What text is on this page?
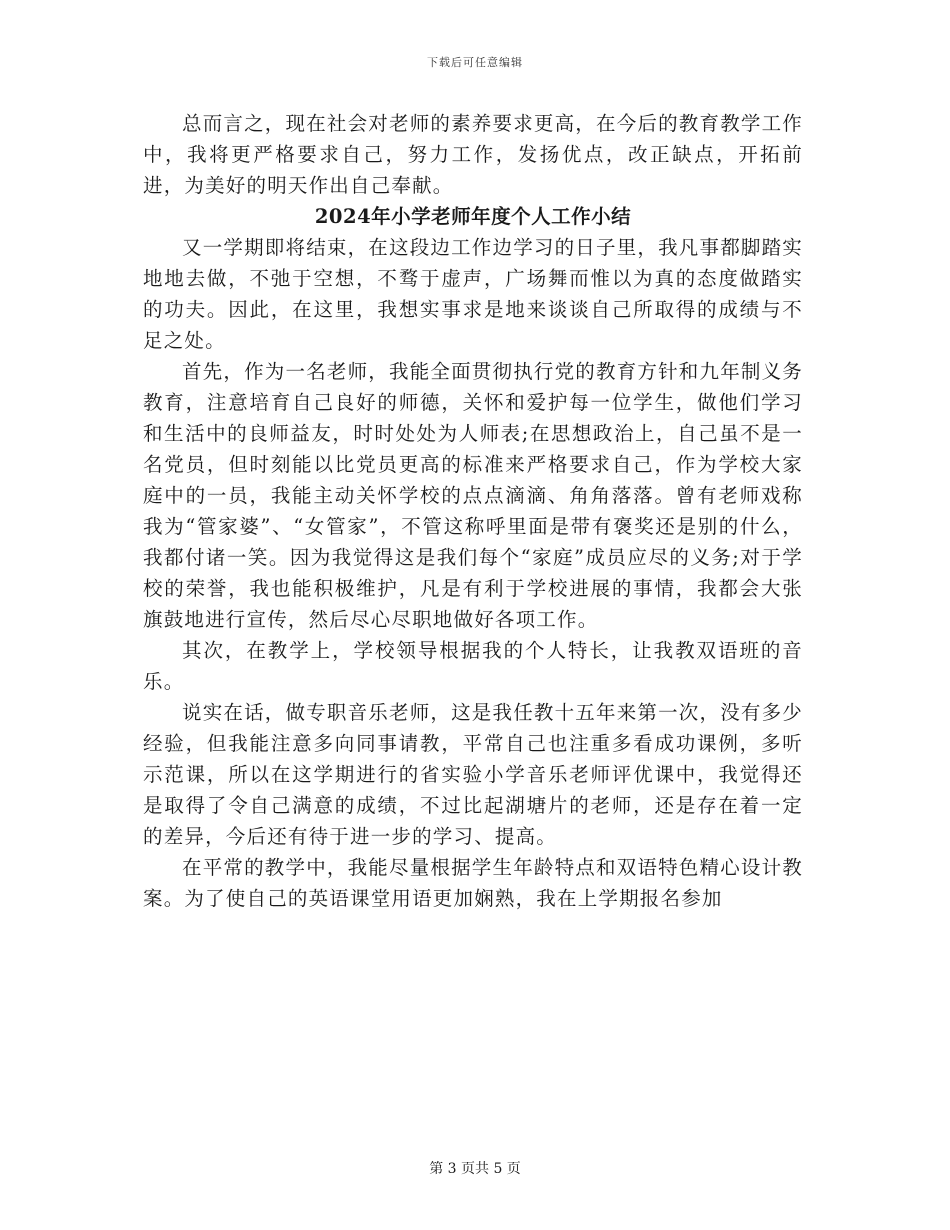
下载后可任意编辑

总而言之，现在社会对老师的素养要求更高，在今后的教育教学工作中，我将更严格要求自己，努力工作，发扬优点，改正缺点，开拓前进，为美好的明天作出自己奉献。

2024年小学老师年度个人工作小结

又一学期即将结束，在这段边工作边学习的日子里，我凡事都脚踏实地地去做，不弛于空想，不骛于虚声，广场舞而惟以为真的态度做踏实的功夫。因此，在这里，我想实事求是地来谈谈自己所取得的成绩与不足之处。

首先，作为一名老师，我能全面贯彻执行党的教育方针和九年制义务教育，注意培育自己良好的师德，关怀和爱护每一位学生，做他们学习和生活中的良师益友，时时处处为人师表;在思想政治上，自己虽不是一名党员，但时刻能以比党员更高的标准来严格要求自己，作为学校大家庭中的一员，我能主动关怀学校的点点滴滴、角角落落。曾有老师戏称我为“管家婆”、“女管家”，不管这称呼里面是带有褒奖还是别的什么，我都付诸一笑。因为我觉得这是我们每个“家庭”成员应尽的义务;对于学校的荣誉，我也能积极维护，凡是有利于学校进展的事情，我都会大张旗鼓地进行宣传，然后尽心尽职地做好各项工作。

其次，在教学上，学校领导根据我的个人特长，让我教双语班的音乐。

说实在话，做专职音乐老师，这是我任教十五年来第一次，没有多少经验，但我能注意多向同事请教，平常自己也注重多看成功课例，多听示范课，所以在这学期进行的省实验小学音乐老师评优课中，我觉得还是取得了令自己满意的成绩，不过比起湖塘片的老师，还是存在着一定的差异，今后还有待于进一步的学习、提高。

在平常的教学中，我能尽量根据学生年龄特点和双语特色精心设计教案。为了使自己的英语课堂用语更加娴熟，我在上学期报名参加

第 3 页共 5 页
